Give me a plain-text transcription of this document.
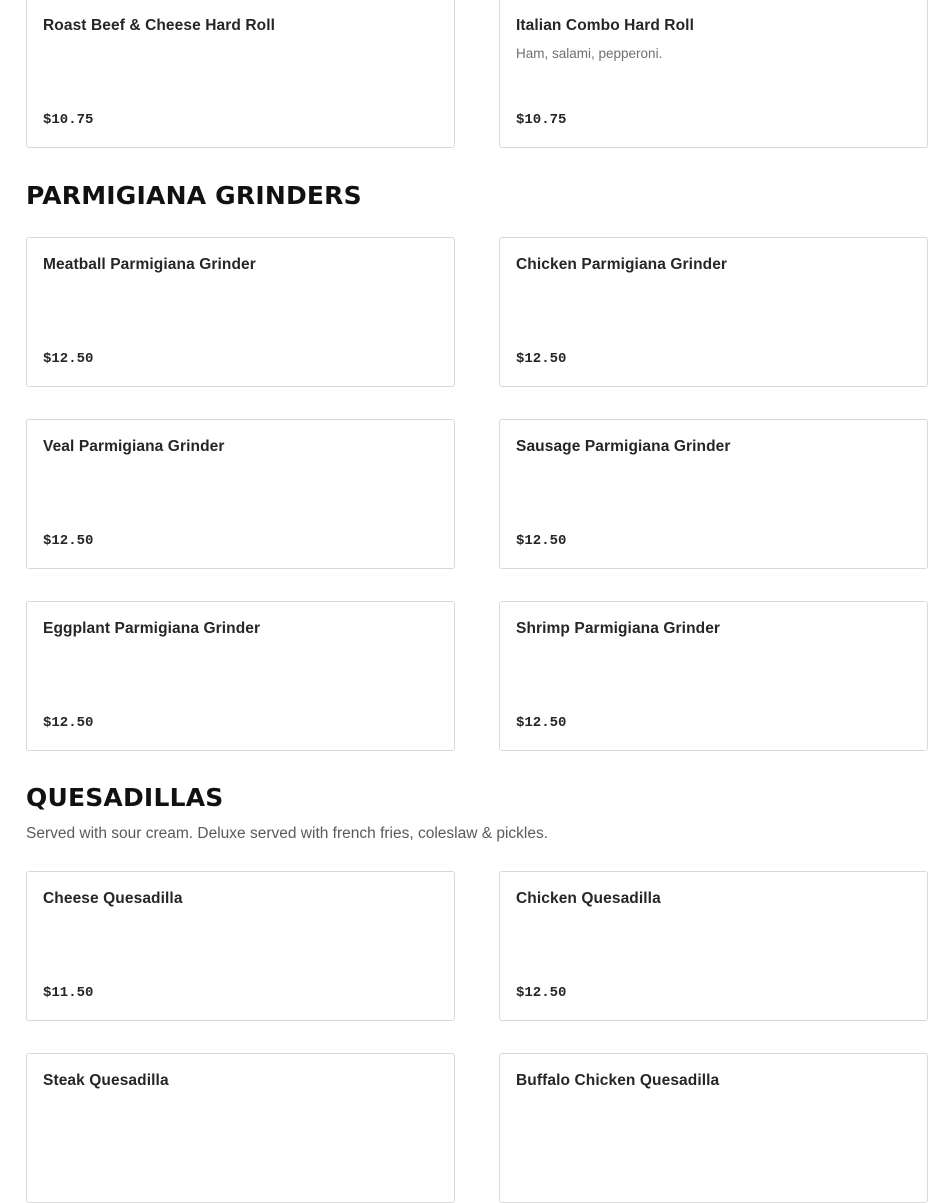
Roast Beef & Cheese Hard Roll
$10.75
Italian Combo Hard Roll
Ham, salami, pepperoni.
$10.75
PARMIGIANA GRINDERS
Meatball Parmigiana Grinder
$12.50
Chicken Parmigiana Grinder
$12.50
Veal Parmigiana Grinder
$12.50
Sausage Parmigiana Grinder
$12.50
Eggplant Parmigiana Grinder
$12.50
Shrimp Parmigiana Grinder
$12.50
QUESADILLAS
Served with sour cream. Deluxe served with french fries, coleslaw & pickles.
Cheese Quesadilla
$11.50
Chicken Quesadilla
$12.50
Steak Quesadilla	Buffalo Chicken Quesadilla
